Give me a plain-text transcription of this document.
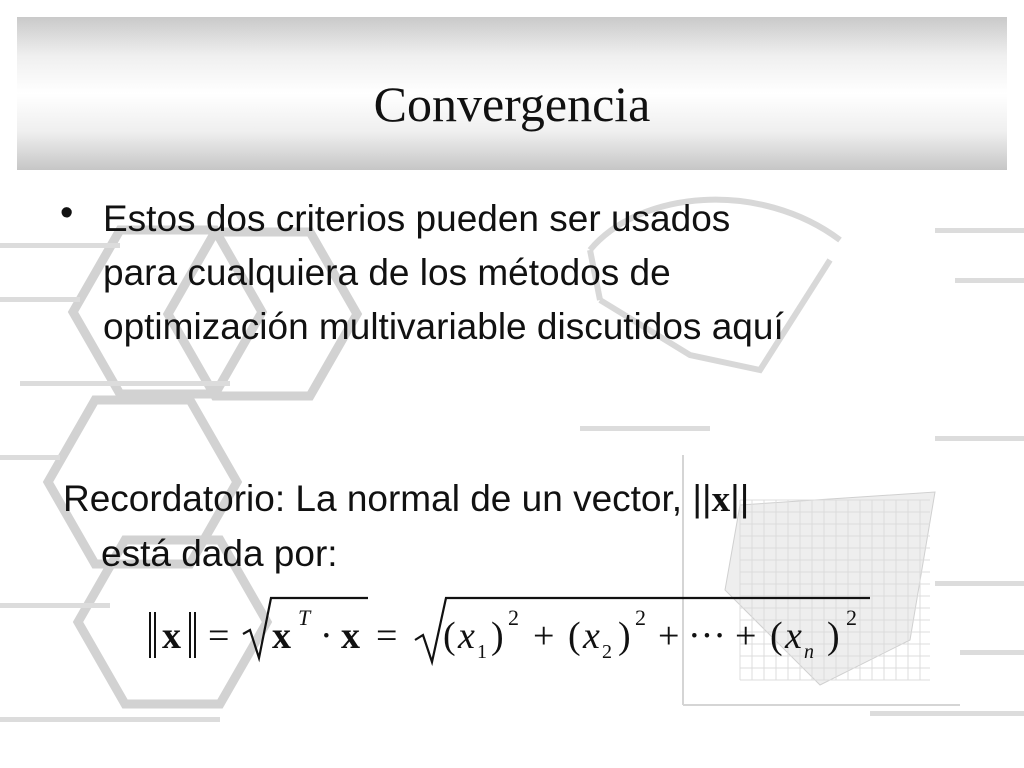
Convergencia
• Estos dos criterios pueden ser usados
para cualquiera de los métodos de
optimización multivariable discutidos aquí
Recordatorio: La normal de un vector, ||x||
está dada por:
x = x T · x = ( x 1 ) 2 + ( x 2 ) 2 + ··· + ( x n ) 2
